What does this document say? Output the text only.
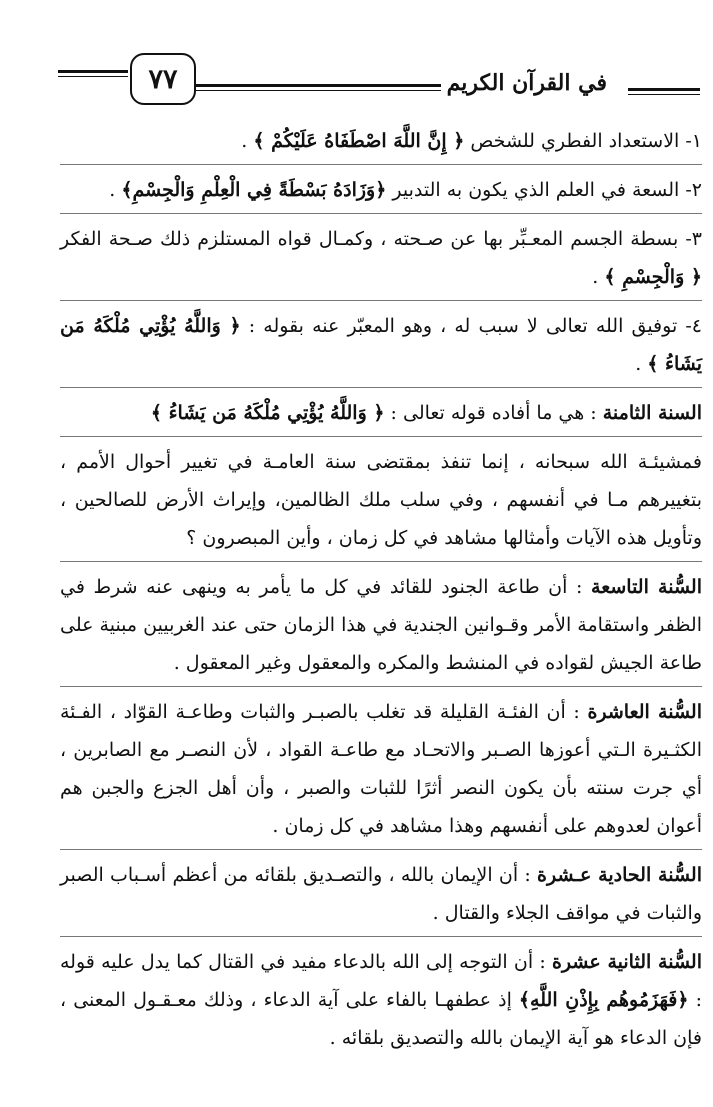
٧٧	في القرآن الكريم
١- الاستعداد الفطري للشخص ﴿ إِنَّ اللَّهَ اصْطَفَاهُ عَلَيْكُمْ ﴾ .
٢- السعة في العلم الذي يكون به التدبير ﴿وَزَادَهُ بَسْطَةً فِي الْعِلْمِ وَالْجِسْمِ﴾ .
٣- بسطة الجسم المعـبِّر بها عن صـحته ، وكمـال قواه المستلزم ذلك صـحة الفكر ﴿ وَالْجِسْمِ ﴾ .
٤- توفيق الله تعالى لا سبب له ، وهو المعبّر عنه بقوله : ﴿ وَاللَّهُ يُؤْتِي مُلْكَهُ مَن يَشَاءُ ﴾ .
السنة الثامنة : هي ما أفاده قوله تعالى : ﴿ وَاللَّهُ يُؤْتِي مُلْكَهُ مَن يَشَاءُ ﴾
فمشيئـة الله سبحانه ، إنما تنفذ بمقتضى سنة العامـة في تغيير أحوال الأمم ، بتغييرهم مـا في أنفسهم ، وفي سلب ملك الظالمين، وإيراث الأرض للصالحين ، وتأويل هذه الآيات وأمثالها مشاهد في كل زمان ، وأين المبصرون ؟
السُّنة التاسعة : أن طاعة الجنود للقائد في كل ما يأمر به وينهى عنه شرط في الظفر واستقامة الأمر وقـوانين الجندية في هذا الزمان حتى عند الغربيين مبنية على طاعة الجيش لقواده في المنشط والمكره والمعقول وغير المعقول .
السُّنة العاشرة : أن الفئـة القليلة قد تغلب بالصبـر والثبات وطاعـة القوّاد ، الفـئة الكثـيرة الـتي أعوزها الصـبر والاتحـاد مع طاعـة القواد ، لأن النصـر مع الصابرين ، أي جرت سنته بأن يكون النصر أثرًا للثبات والصبر ، وأن أهل الجزع والجبن هم أعوان لعدوهم على أنفسهم وهذا مشاهد في كل زمان .
السُّنة الحادية عـشرة : أن الإيمان بالله ، والتصـديق بلقائه من أعظم أسـباب الصبر والثبات في مواقف الجلاء والقتال .
السُّنة الثانية عشرة : أن التوجه إلى الله بالدعاء مفيد في القتال كما يدل عليه قوله : ﴿فَهَزَمُوهُم بِإِذْنِ اللَّهِ﴾ إذ عطفهـا بالفاء على آية الدعاء ، وذلك معـقـول المعنى ، فإن الدعاء هو آية الإيمان بالله والتصديق بلقائه .
